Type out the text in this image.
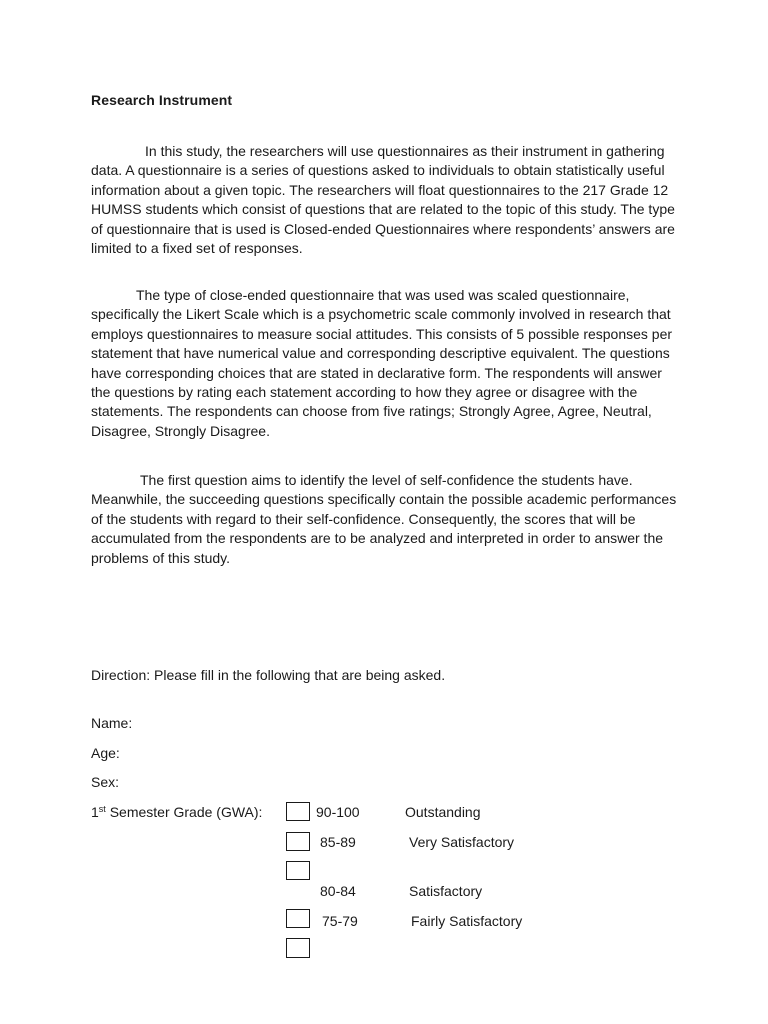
Research Instrument

In this study, the researchers will use questionnaires as their instrument in gathering data. A questionnaire is a series of questions asked to individuals to obtain statistically useful information about a given topic. The researchers will float questionnaires to the 217 Grade 12 HUMSS students which consist of questions that are related to the topic of this study. The type of questionnaire that is used is Closed-ended Questionnaires where respondents’ answers are limited to a fixed set of responses.

The type of close-ended questionnaire that was used was scaled questionnaire, specifically the Likert Scale which is a psychometric scale commonly involved in research that employs questionnaires to measure social attitudes. This consists of 5 possible responses per statement that have numerical value and corresponding descriptive equivalent. The questions have corresponding choices that are stated in declarative form. The respondents will answer the questions by rating each statement according to how they agree or disagree with the statements. The respondents can choose from five ratings; Strongly Agree, Agree, Neutral, Disagree, Strongly Disagree.

The first question aims to identify the level of self-confidence the students have. Meanwhile, the succeeding questions specifically contain the possible academic performances of the students with regard to their self-confidence. Consequently, the scores that will be accumulated from the respondents are to be analyzed and interpreted in order to answer the problems of this study.

Direction: Please fill in the following that are being asked.
Name:
Age:
Sex:
1st Semester Grade (GWA):	90-100	Outstanding
85-89	Very Satisfactory
80-84	Satisfactory
75-79	Fairly Satisfactory
